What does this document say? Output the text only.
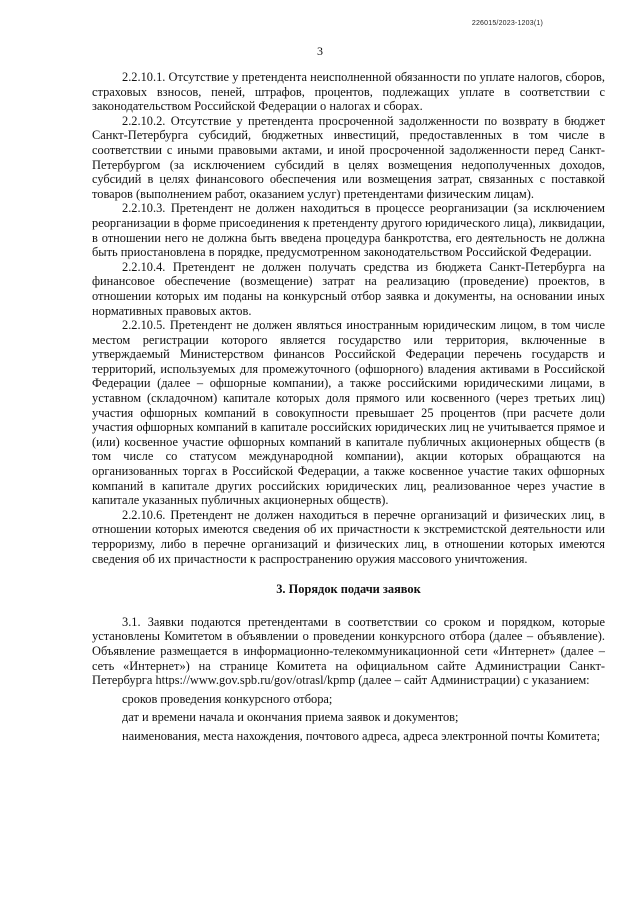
226015/2023-1203(1)
3

2.2.10.1. Отсутствие у претендента неисполненной обязанности по уплате налогов, сборов, страховых взносов, пеней, штрафов, процентов, подлежащих уплате в соответствии с законодательством Российской Федерации о налогах и сборах.

2.2.10.2. Отсутствие у претендента просроченной задолженности по возврату в бюджет Санкт-Петербурга субсидий, бюджетных инвестиций, предоставленных в том числе в соответствии с иными правовыми актами, и иной просроченной задолженности перед Санкт-Петербургом (за исключением субсидий в целях возмещения недополученных доходов, субсидий в целях финансового обеспечения или возмещения затрат, связанных с поставкой товаров (выполнением работ, оказанием услуг) претендентами физическим лицам).

2.2.10.3. Претендент не должен находиться в процессе реорганизации (за исключением реорганизации в форме присоединения к претенденту другого юридического лица), ликвидации, в отношении него не должна быть введена процедура банкротства, его деятельность не должна быть приостановлена в порядке, предусмотренном законодательством Российской Федерации.

2.2.10.4. Претендент не должен получать средства из бюджета Санкт-Петербурга на финансовое обеспечение (возмещение) затрат на реализацию (проведение) проектов, в отношении которых им поданы на конкурсный отбор заявка и документы, на основании иных нормативных правовых актов.

2.2.10.5. Претендент не должен являться иностранным юридическим лицом, в том числе местом регистрации которого является государство или территория, включенные в утверждаемый Министерством финансов Российской Федерации перечень государств и территорий, используемых для промежуточного (офшорного) владения активами в Российской Федерации (далее – офшорные компании), а также российскими юридическими лицами, в уставном (складочном) капитале которых доля прямого или косвенного (через третьих лиц) участия офшорных компаний в совокупности превышает 25 процентов (при расчете доли участия офшорных компаний в капитале российских юридических лиц не учитывается прямое и (или) косвенное участие офшорных компаний в капитале публичных акционерных обществ (в том числе со статусом международной компании), акции которых обращаются на организованных торгах в Российской Федерации, а также косвенное участие таких офшорных компаний в капитале других российских юридических лиц, реализованное через участие в капитале указанных публичных акционерных обществ).

2.2.10.6. Претендент не должен находиться в перечне организаций и физических лиц, в отношении которых имеются сведения об их причастности к экстремистской деятельности или терроризму, либо в перечне организаций и физических лиц, в отношении которых имеются сведения об их причастности к распространению оружия массового уничтожения.

3. Порядок подачи заявок

3.1. Заявки подаются претендентами в соответствии со сроком и порядком, которые установлены Комитетом в объявлении о проведении конкурсного отбора (далее – объявление). Объявление размещается в информационно-телекоммуникационной сети «Интернет» (далее – сеть «Интернет») на странице Комитета на официальном сайте Администрации Санкт-Петербурга https://www.gov.spb.ru/gov/otrasl/kpmp (далее – сайт Администрации) с указанием:

сроков проведения конкурсного отбора;
дат и времени начала и окончания приема заявок и документов;
наименования, места нахождения, почтового адреса, адреса электронной почты Комитета;
